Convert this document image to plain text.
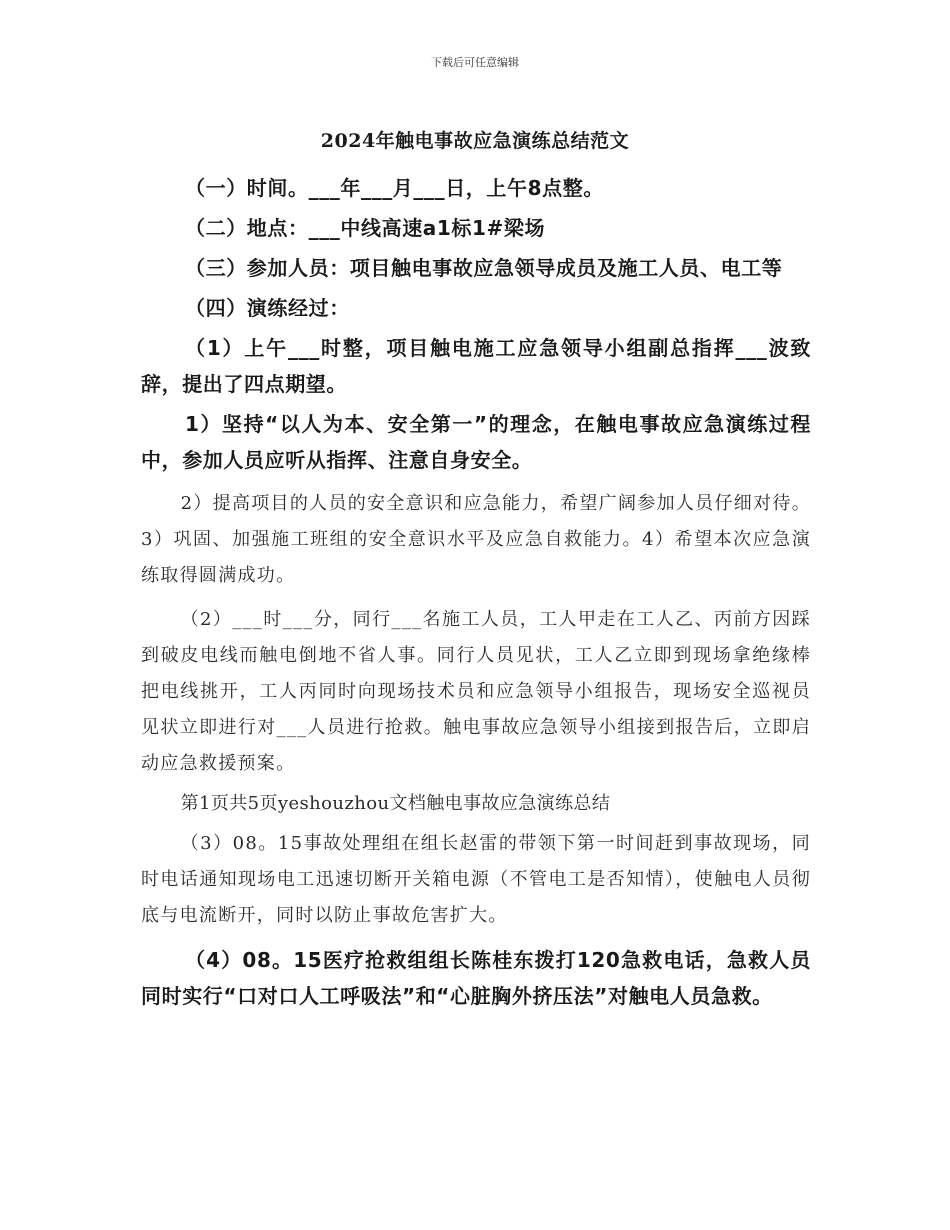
下载后可任意编辑
2024年触电事故应急演练总结范文

（一）时间。___年___月___日，上午8点整。

（二）地点：___中线高速a1标1#梁场

（三）参加人员：项目触电事故应急领导成员及施工人员、电工等

（四）演练经过：

（1）上午___时整，项目触电施工应急领导小组副总指挥___波致辞，提出了四点期望。

1）坚持“以人为本、安全第一”的理念，在触电事故应急演练过程中，参加人员应听从指挥、注意自身安全。

2）提高项目的人员的安全意识和应急能力，希望广阔参加人员仔细对待。3）巩固、加强施工班组的安全意识水平及应急自救能力。4）希望本次应急演练取得圆满成功。

（2）___时___分，同行___名施工人员，工人甲走在工人乙、丙前方因踩到破皮电线而触电倒地不省人事。同行人员见状，工人乙立即到现场拿绝缘棒把电线挑开，工人丙同时向现场技术员和应急领导小组报告，现场安全巡视员见状立即进行对___人员进行抢救。触电事故应急领导小组接到报告后，立即启动应急救援预案。

第1页共5页yeshouzhou文档触电事故应急演练总结

（3）08。15事故处理组在组长赵雷的带领下第一时间赶到事故现场，同时电话通知现场电工迅速切断开关箱电源（不管电工是否知情），使触电人员彻底与电流断开，同时以防止事故危害扩大。

（4）08。15医疗抢救组组长陈桂东拨打120急救电话，急救人员同时实行“口对口人工呼吸法”和“心脏胸外挤压法”对触电人员急救。
